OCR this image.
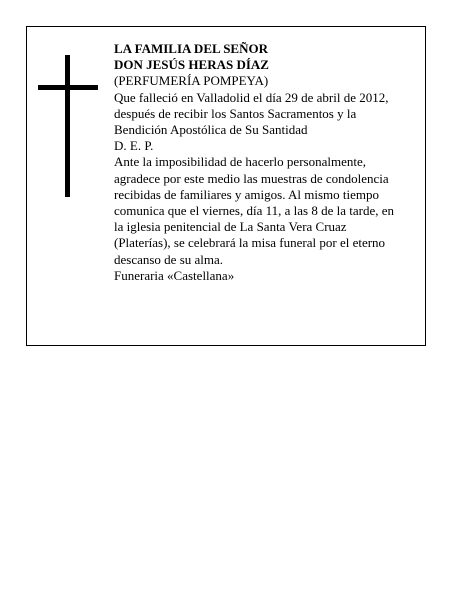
LA FAMILIA DEL SEÑOR
DON JESÚS HERAS DÍAZ
(PERFUMERÍA POMPEYA)
Que falleció en Valladolid el día 29 de abril de 2012,
después de recibir los Santos Sacramentos y la
Bendición Apostólica de Su Santidad
D. E. P.
Ante la imposibilidad de hacerlo personalmente,
agradece por este medio las muestras de condolencia
recibidas de familiares y amigos. Al mismo tiempo
comunica que el viernes, día 11, a las 8 de la tarde, en
la iglesia penitencial de La Santa Vera Cruaz
(Platerías), se celebrará la misa funeral por el eterno
descanso de su alma.
Funeraria «Castellana»
